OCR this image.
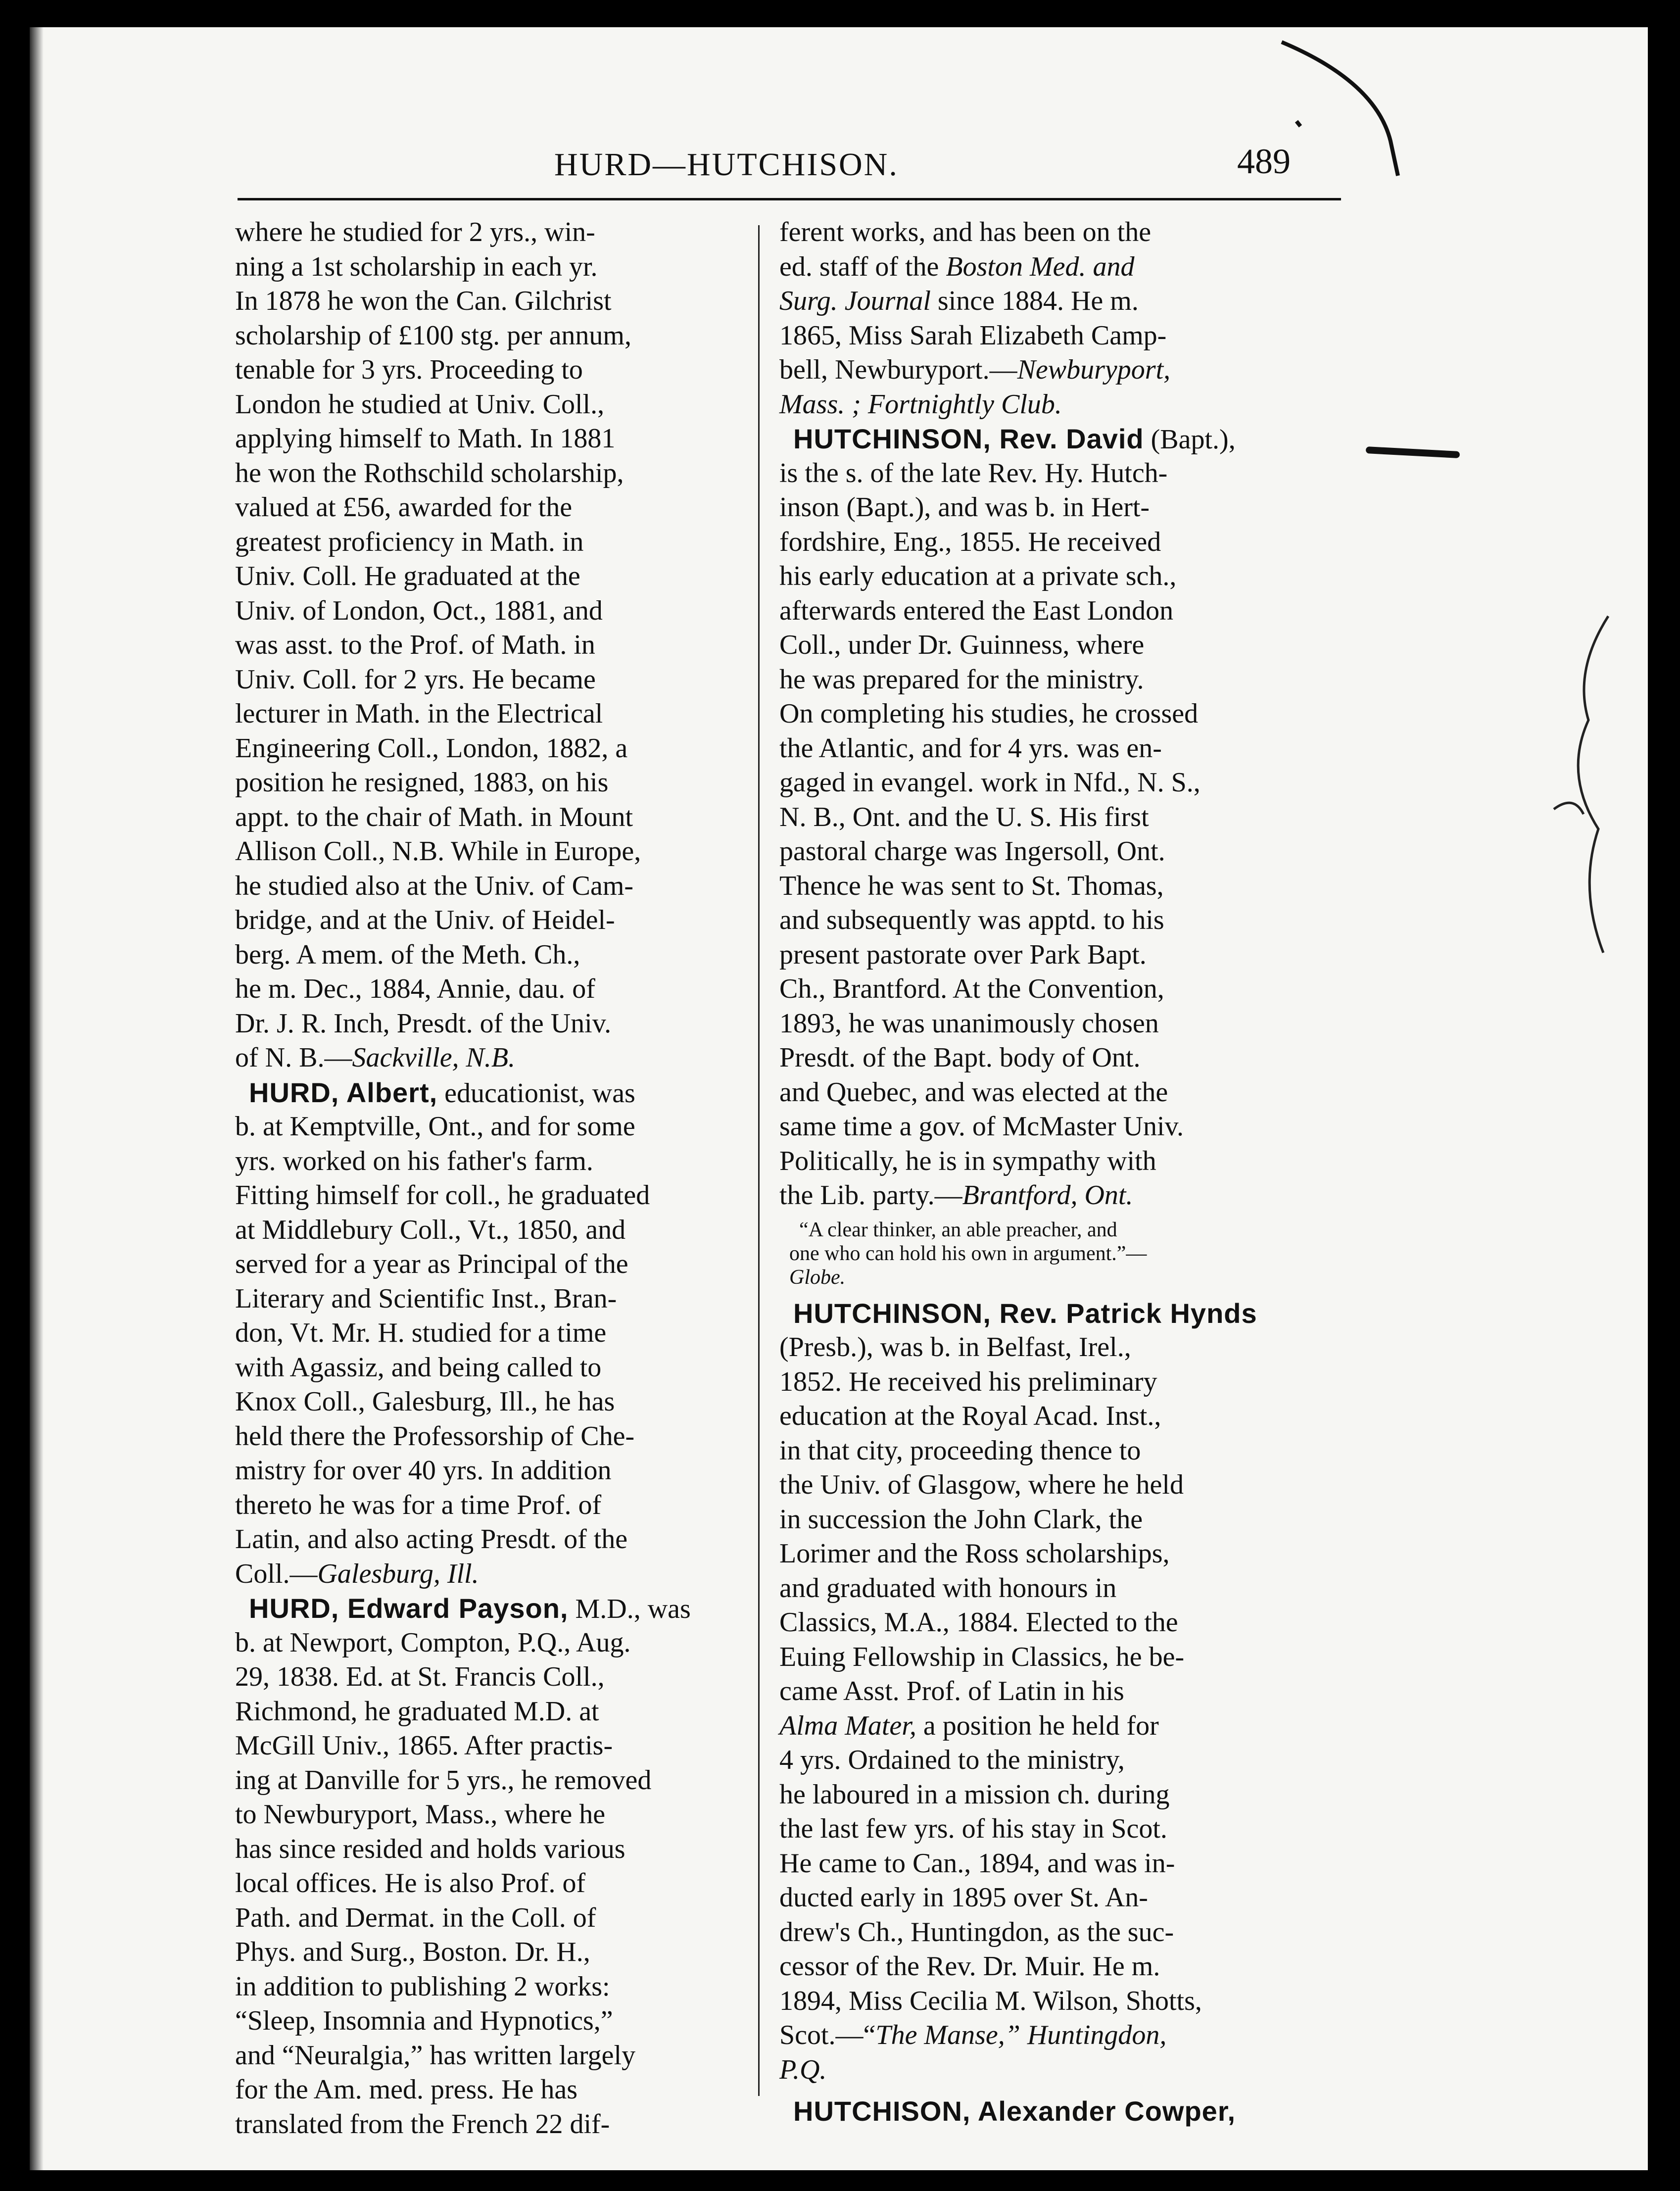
HURD—HUTCHISON.	489
where he studied for 2 yrs., win-
ning a 1st scholarship in each yr.
In 1878 he won the Can. Gilchrist
scholarship of £100 stg. per annum,
tenable for 3 yrs. Proceeding to
London he studied at Univ. Coll.,
applying himself to Math. In 1881
he won the Rothschild scholarship,
valued at £56, awarded for the
greatest proficiency in Math. in
Univ. Coll. He graduated at the
Univ. of London, Oct., 1881, and
was asst. to the Prof. of Math. in
Univ. Coll. for 2 yrs. He became
lecturer in Math. in the Electrical
Engineering Coll., London, 1882, a
position he resigned, 1883, on his
appt. to the chair of Math. in Mount
Allison Coll., N.B. While in Europe,
he studied also at the Univ. of Cam-
bridge, and at the Univ. of Heidel-
berg. A mem. of the Meth. Ch.,
he m. Dec., 1884, Annie, dau. of
Dr. J. R. Inch, Presdt. of the Univ.
of N. B.—Sackville, N.B.
HURD, Albert, educationist, was
b. at Kemptville, Ont., and for some
yrs. worked on his father's farm.
Fitting himself for coll., he graduated
at Middlebury Coll., Vt., 1850, and
served for a year as Principal of the
Literary and Scientific Inst., Bran-
don, Vt. Mr. H. studied for a time
with Agassiz, and being called to
Knox Coll., Galesburg, Ill., he has
held there the Professorship of Che-
mistry for over 40 yrs. In addition
thereto he was for a time Prof. of
Latin, and also acting Presdt. of the
Coll.—Galesburg, Ill.
HURD, Edward Payson, M.D., was
b. at Newport, Compton, P.Q., Aug.
29, 1838. Ed. at St. Francis Coll.,
Richmond, he graduated M.D. at
McGill Univ., 1865. After practis-
ing at Danville for 5 yrs., he removed
to Newburyport, Mass., where he
has since resided and holds various
local offices. He is also Prof. of
Path. and Dermat. in the Coll. of
Phys. and Surg., Boston. Dr. H.,
in addition to publishing 2 works:
“Sleep, Insomnia and Hypnotics,”
and “Neuralgia,” has written largely
for the Am. med. press. He has
translated from the French 22 dif-
ferent works, and has been on the
ed. staff of the Boston Med. and
Surg. Journal since 1884. He m.
1865, Miss Sarah Elizabeth Camp-
bell, Newburyport.—Newburyport,
Mass. ; Fortnightly Club.
HUTCHINSON, Rev. David (Bapt.),
is the s. of the late Rev. Hy. Hutch-
inson (Bapt.), and was b. in Hert-
fordshire, Eng., 1855. He received
his early education at a private sch.,
afterwards entered the East London
Coll., under Dr. Guinness, where
he was prepared for the ministry.
On completing his studies, he crossed
the Atlantic, and for 4 yrs. was en-
gaged in evangel. work in Nfd., N. S.,
N. B., Ont. and the U. S. His first
pastoral charge was Ingersoll, Ont.
Thence he was sent to St. Thomas,
and subsequently was apptd. to his
present pastorate over Park Bapt.
Ch., Brantford. At the Convention,
1893, he was unanimously chosen
Presdt. of the Bapt. body of Ont.
and Quebec, and was elected at the
same time a gov. of McMaster Univ.
Politically, he is in sympathy with
the Lib. party.—Brantford, Ont.
“A clear thinker, an able preacher, and
one who can hold his own in argument.”—
Globe.
HUTCHINSON, Rev. Patrick Hynds
(Presb.), was b. in Belfast, Irel.,
1852. He received his preliminary
education at the Royal Acad. Inst.,
in that city, proceeding thence to
the Univ. of Glasgow, where he held
in succession the John Clark, the
Lorimer and the Ross scholarships,
and graduated with honours in
Classics, M.A., 1884. Elected to the
Euing Fellowship in Classics, he be-
came Asst. Prof. of Latin in his
Alma Mater, a position he held for
4 yrs. Ordained to the ministry,
he laboured in a mission ch. during
the last few yrs. of his stay in Scot.
He came to Can., 1894, and was in-
ducted early in 1895 over St. An-
drew's Ch., Huntingdon, as the suc-
cessor of the Rev. Dr. Muir. He m.
1894, Miss Cecilia M. Wilson, Shotts,
Scot.—“The Manse,” Huntingdon,
P.Q.
HUTCHISON, Alexander Cowper,
